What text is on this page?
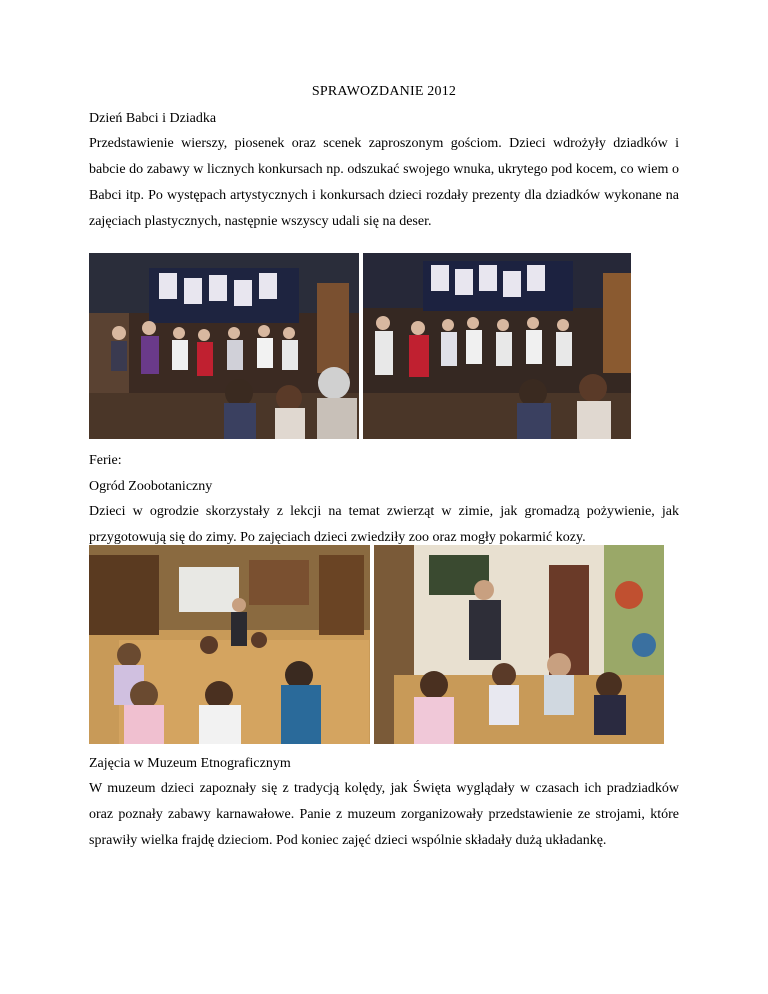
SPRAWOZDANIE 2012
Dzień Babci i Dziadka
Przedstawienie wierszy, piosenek oraz scenek zaproszonym gościom. Dzieci wdrożyły dziadków i babcie do zabawy w licznych konkursach np. odszukać swojego wnuka, ukrytego pod kocem, co wiem o Babci itp. Po występach artystycznych i konkursach dzieci rozdały prezenty dla dziadków wykonane na zajęciach plastycznych, następnie wszyscy udali się na deser.
Ferie:
Ogród Zoobotaniczny
Dzieci w ogrodzie skorzystały z lekcji na temat zwierząt w zimie, jak gromadzą pożywienie, jak przygotowują się do zimy. Po zajęciach dzieci zwiedziły zoo oraz mogły pokarmić kozy.
Zajęcia w Muzeum Etnograficznym
W muzeum dzieci zapoznały się z tradycją kolędy, jak Święta wyglądały w czasach ich pradziadków oraz poznały zabawy karnawałowe. Panie z muzeum zorganizowały przedstawienie ze strojami, które sprawiły wielka frajdę dzieciom. Pod koniec zajęć dzieci wspólnie składały dużą układankę.
